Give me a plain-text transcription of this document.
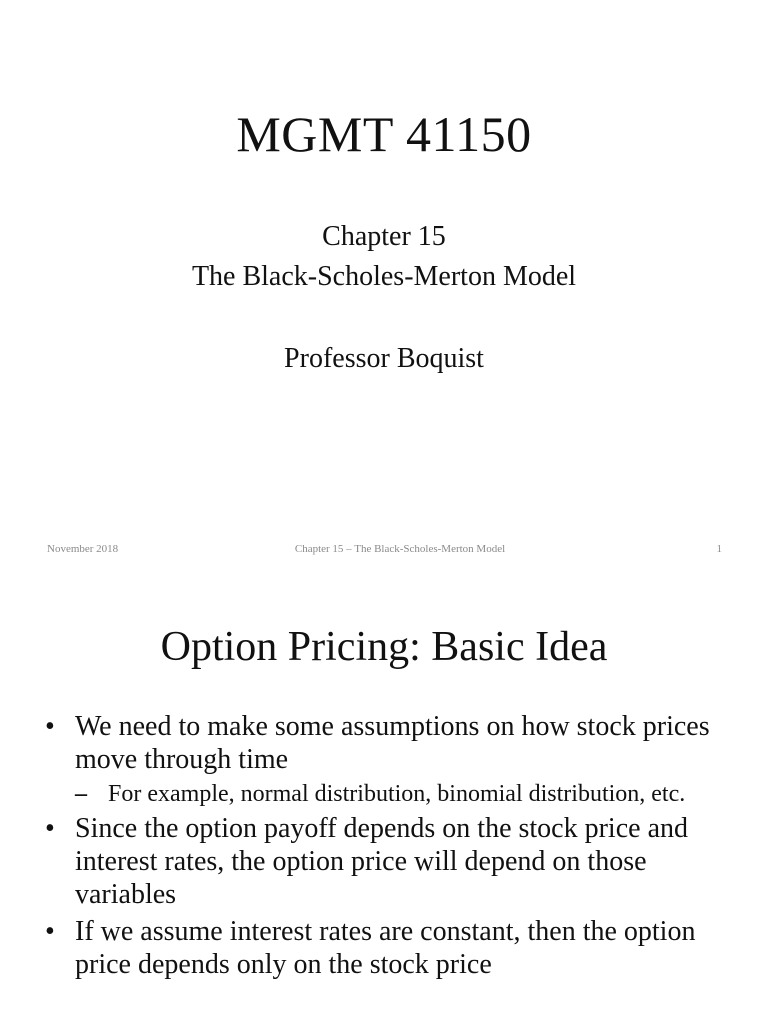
MGMT 41150
Chapter 15
The Black-Scholes-Merton Model
Professor Boquist
November 2018	Chapter 15 – The Black-Scholes-Merton Model	1
Option Pricing: Basic Idea
• We need to make some assumptions on how stock prices move through time
– For example, normal distribution, binomial distribution, etc.
• Since the option payoff depends on the stock price and interest rates, the option price will depend on those variables
• If we assume interest rates are constant, then the option price depends only on the stock price
